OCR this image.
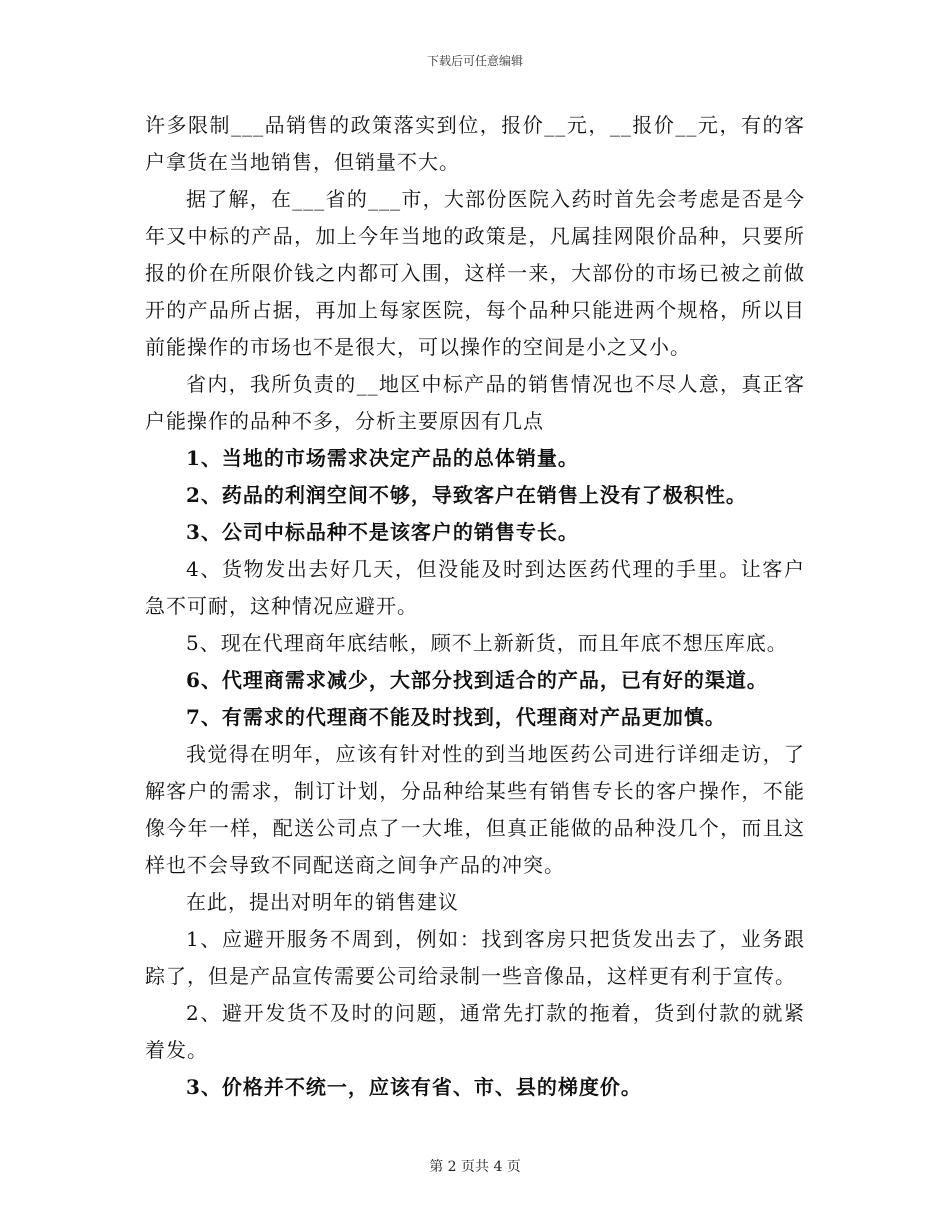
下载后可任意编辑

许多限制___品销售的政策落实到位，报价__元，__报价__元，有的客户拿货在当地销售，但销量不大。

据了解，在___省的___市，大部份医院入药时首先会考虑是否是今年又中标的产品，加上今年当地的政策是，凡属挂网限价品种，只要所报的价在所限价钱之内都可入围，这样一来，大部份的市场已被之前做开的产品所占据，再加上每家医院，每个品种只能进两个规格，所以目前能操作的市场也不是很大，可以操作的空间是小之又小。

省内，我所负责的__地区中标产品的销售情况也不尽人意，真正客户能操作的品种不多，分析主要原因有几点

1、当地的市场需求决定产品的总体销量。

2、药品的利润空间不够，导致客户在销售上没有了极积性。

3、公司中标品种不是该客户的销售专长。

4、货物发出去好几天，但没能及时到达医药代理的手里。让客户急不可耐，这种情况应避开。

5、现在代理商年底结帐，顾不上新新货，而且年底不想压库底。

6、代理商需求减少，大部分找到适合的产品，已有好的渠道。

7、有需求的代理商不能及时找到，代理商对产品更加慎。

我觉得在明年，应该有针对性的到当地医药公司进行详细走访，了解客户的需求，制订计划，分品种给某些有销售专长的客户操作，不能像今年一样，配送公司点了一大堆，但真正能做的品种没几个，而且这样也不会导致不同配送商之间争产品的冲突。

在此，提出对明年的销售建议

1、应避开服务不周到，例如：找到客房只把货发出去了，业务跟踪了，但是产品宣传需要公司给录制一些音像品，这样更有利于宣传。

2、避开发货不及时的问题，通常先打款的拖着，货到付款的就紧着发。

3、价格并不统一，应该有省、市、县的梯度价。

第 2 页共 4 页
